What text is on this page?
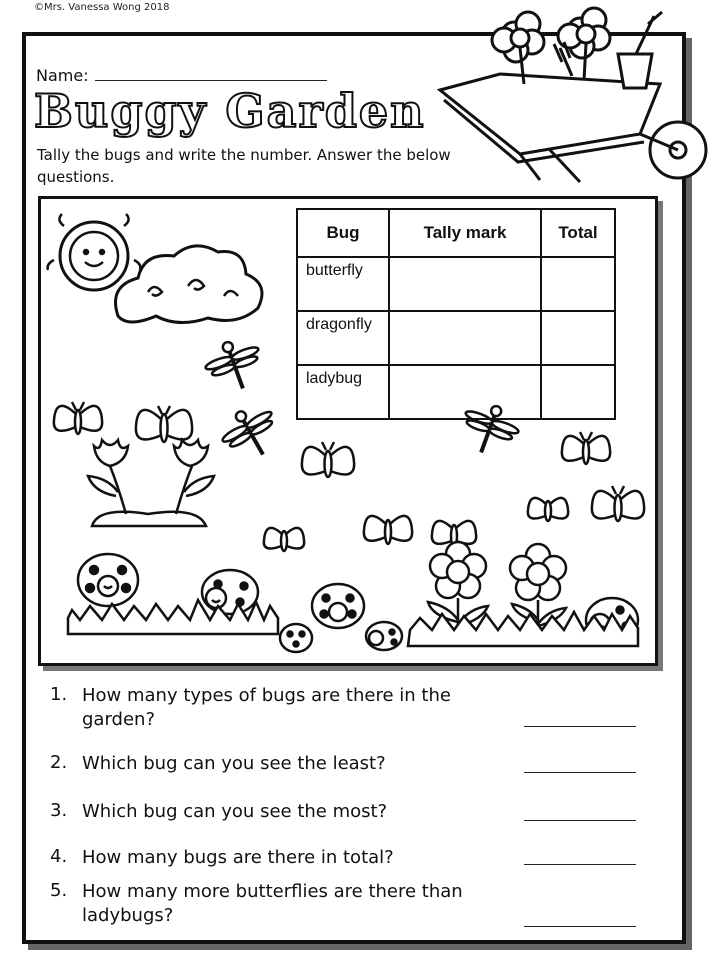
©Mrs. Vanessa Wong 2018
Name:
Buggy Garden
Tally the bugs and write the number. Answer the below questions.
Bug	Tally mark	Total
butterfly		
dragonfly		
ladybug		
1. How many types of bugs are there in the garden?
2. Which bug can you see the least?
3. Which bug can you see the most?
4. How many bugs are there in total?
5. How many more butterflies are there than ladybugs?
